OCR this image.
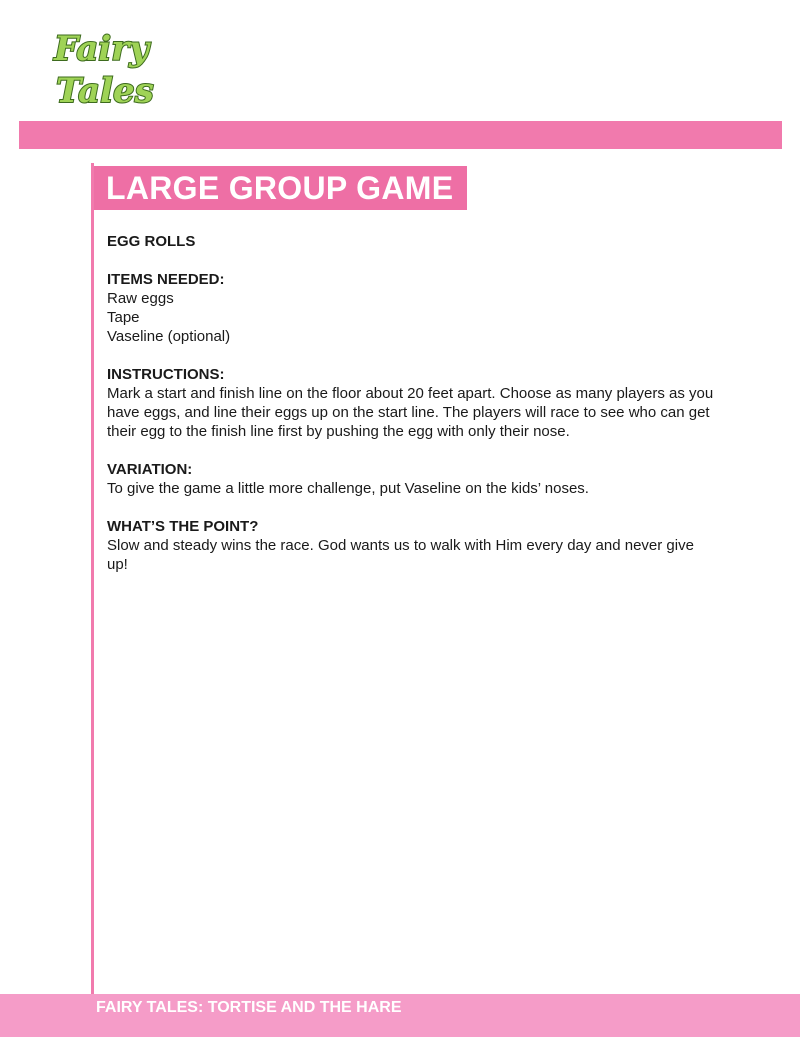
Fairy
Tales
LARGE GROUP GAME

EGG ROLLS

ITEMS NEEDED:

Raw eggs
Tape
Vaseline (optional)

INSTRUCTIONS:

Mark a start and finish line on the floor about 20 feet apart. Choose as many players as you have eggs, and line their eggs up on the start line. The players will race to see who can get their egg to the finish line first by pushing the egg with only their nose.

VARIATION:

To give the game a little more challenge, put Vaseline on the kids’ noses.

WHAT’S THE POINT?

Slow and steady wins the race. God wants us to walk with Him every day and never give up!

FAIRY TALES: TORTISE AND THE HARE
